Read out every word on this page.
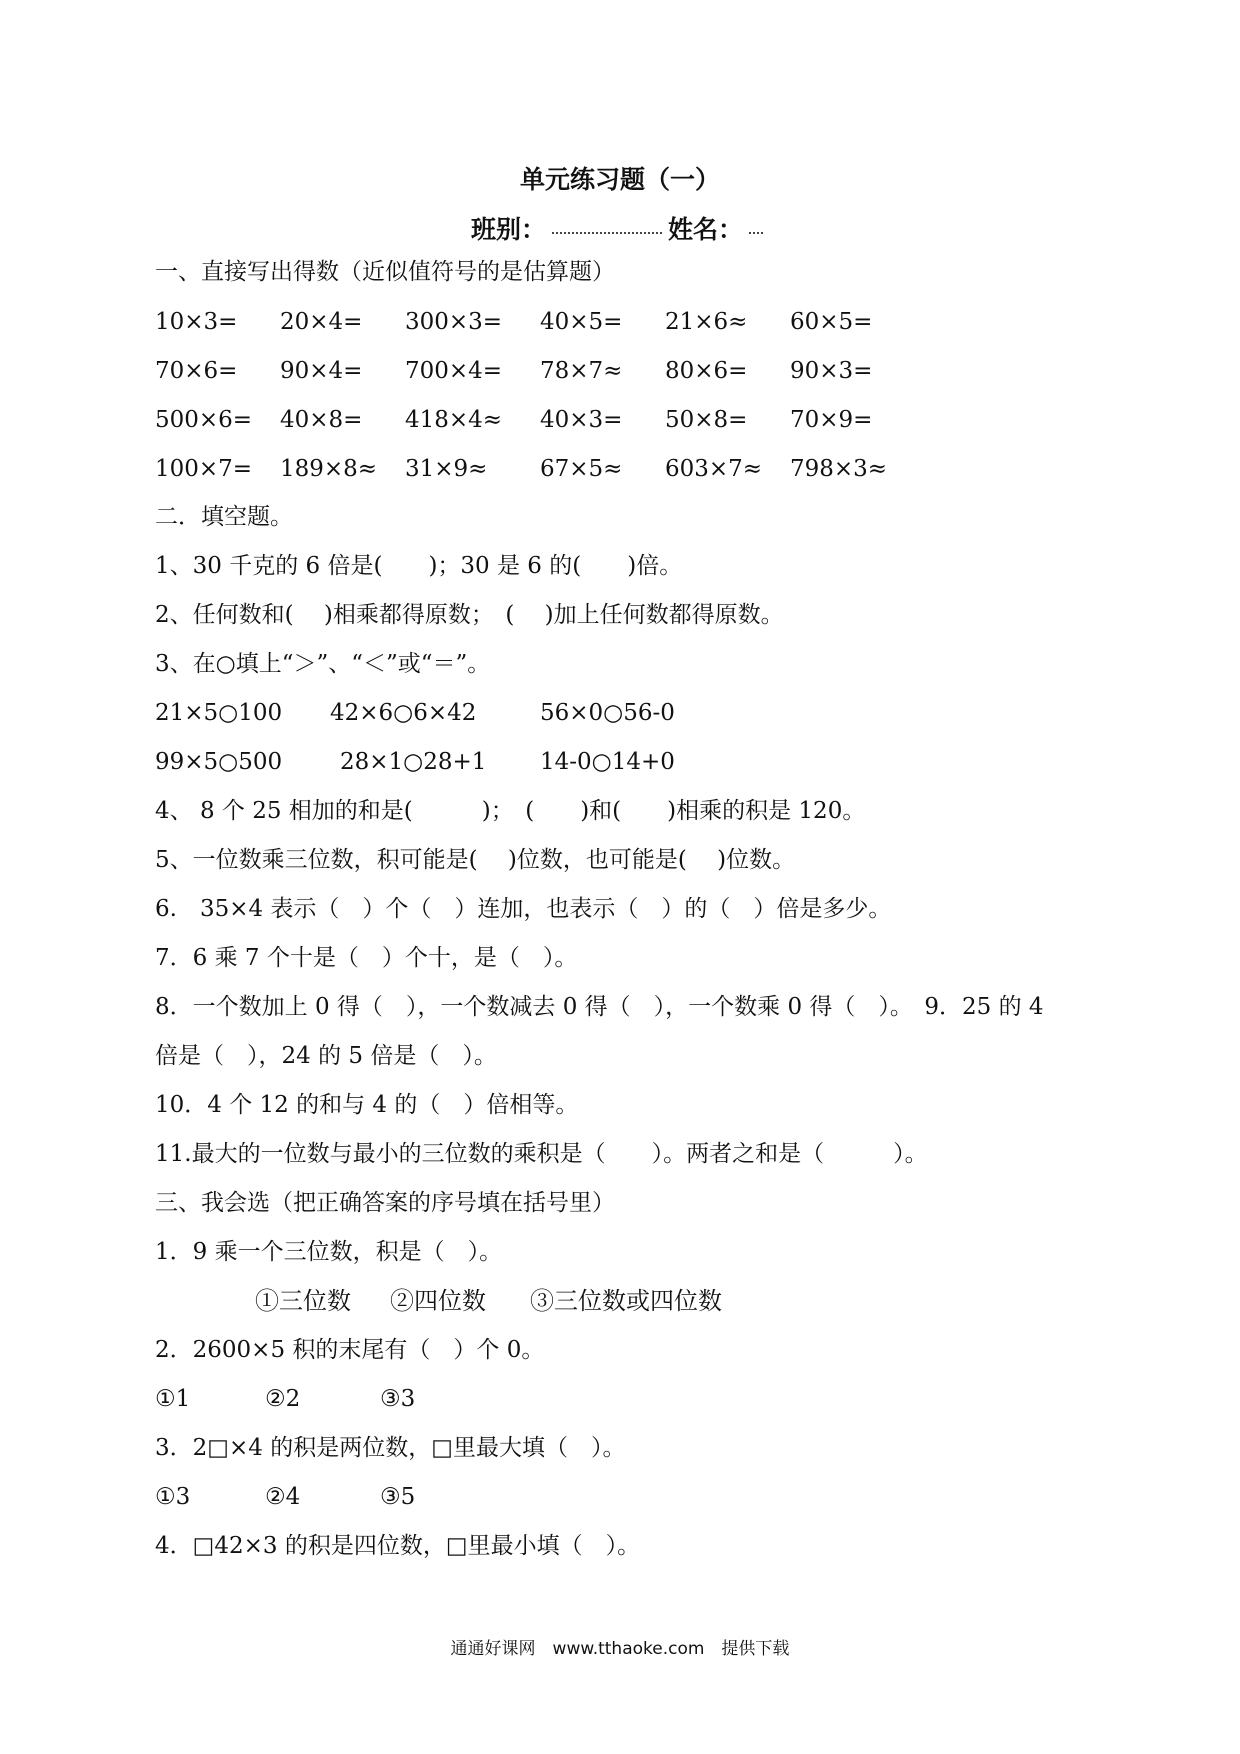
单元练习题（一）
班别：	姓名：
一、直接写出得数（近似值符号的是估算题）
10×3= 20×4= 300×3= 40×5= 21×6≈ 60×5=
70×6= 90×4= 700×4= 78×7≈ 80×6= 90×3=
500×6= 40×8= 418×4≈ 40×3= 50×8= 70×9=
100×7= 189×8≈ 31×9≈ 67×5≈ 603×7≈ 798×3≈
二．填空题。
1、30 千克的 6 倍是(　　)；30 是 6 的(　　)倍。
2、任何数和(　 )相乘都得原数；　(　 )加上任何数都得原数。
3、在○填上“＞”、“＜”或“＝”。
21×5○100 42×6○6×42	56×0○56-0
99×5○500	28×1○28+1 14-0○14+0
4、 8 个 25 相加的和是(　　　)；　(　　)和(　　)相乘的积是 120。
5、一位数乘三位数，积可能是(　 )位数，也可能是(　 )位数。
6.　35×4 表示（　）个（　）连加，也表示（　）的（　）倍是多少。
7．6 乘 7 个十是（　）个十，是（　）。
8．一个数加上 0 得（　），一个数减去 0 得（　），一个数乘 0 得（　）。　9．25 的 4
倍是（　），24 的 5 倍是（　）。
10．4 个 12 的和与 4 的（　）倍相等。
11.最大的一位数与最小的三位数的乘积是（　　）。两者之和是（　　　）。
三、我会选（把正确答案的序号填在括号里）
1．9 乘一个三位数，积是（　）。
①三位数 ②四位数 ③三位数或四位数
2．2600×5 积的末尾有（　）个 0。
①1	②2	③3
3．2□×4 的积是两位数，□里最大填（　）。
①3	②4	③5
4．□42×3 的积是四位数，□里最小填（　）。
通通好课网　www.tthaoke.com　提供下载
